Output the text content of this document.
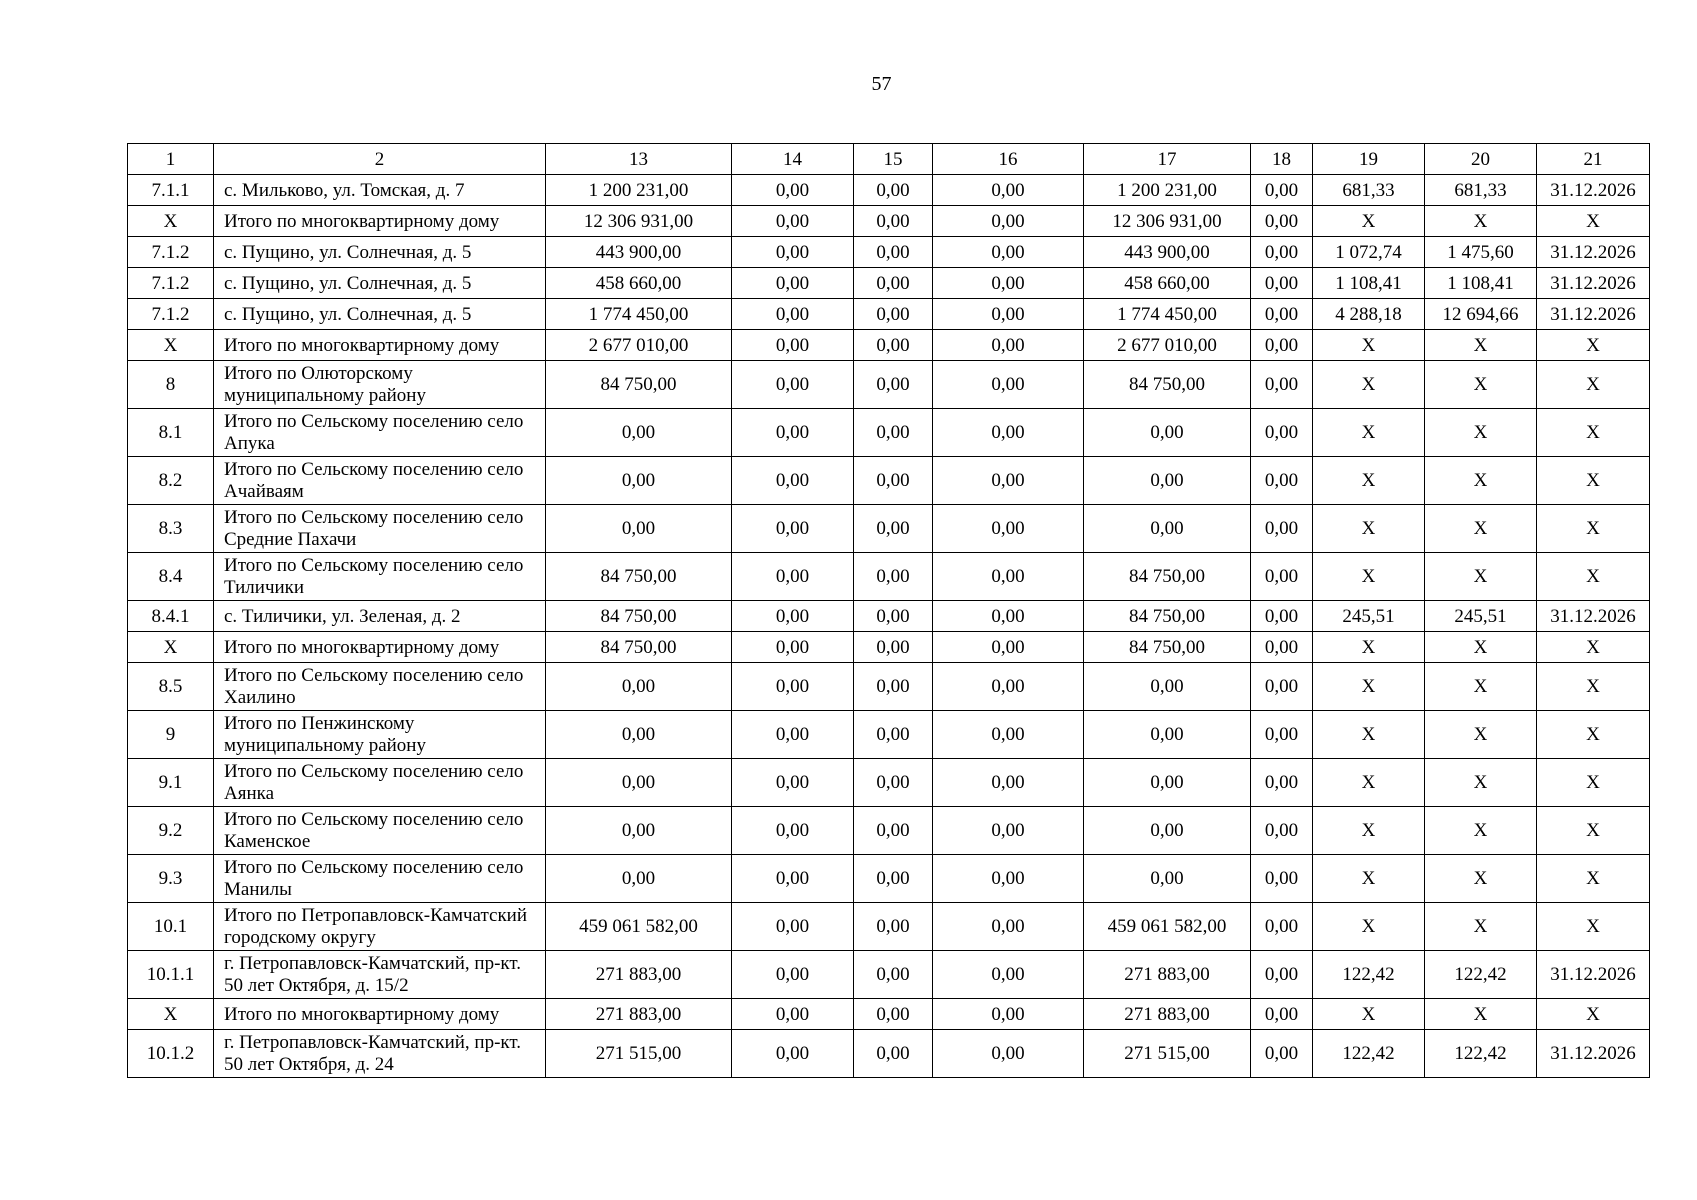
57
1	2	13	14	15	16	17	18	19	20	21
7.1.1	с. Мильково, ул. Томская, д. 7	1 200 231,00	0,00	0,00	0,00	1 200 231,00	0,00	681,33	681,33	31.12.2026
Х	Итого по многоквартирному дому	12 306 931,00	0,00	0,00	0,00	12 306 931,00	0,00	Х	Х	Х
7.1.2	с. Пущино, ул. Солнечная, д. 5	443 900,00	0,00	0,00	0,00	443 900,00	0,00	1 072,74	1 475,60	31.12.2026
7.1.2	с. Пущино, ул. Солнечная, д. 5	458 660,00	0,00	0,00	0,00	458 660,00	0,00	1 108,41	1 108,41	31.12.2026
7.1.2	с. Пущино, ул. Солнечная, д. 5	1 774 450,00	0,00	0,00	0,00	1 774 450,00	0,00	4 288,18	12 694,66	31.12.2026
Х	Итого по многоквартирному дому	2 677 010,00	0,00	0,00	0,00	2 677 010,00	0,00	Х	Х	Х
8	Итого по Олюторскому муниципальному району	84 750,00	0,00	0,00	0,00	84 750,00	0,00	Х	Х	Х
8.1	Итого по Сельскому поселению село Апука	0,00	0,00	0,00	0,00	0,00	0,00	Х	Х	Х
8.2	Итого по Сельскому поселению село Ачайваям	0,00	0,00	0,00	0,00	0,00	0,00	Х	Х	Х
8.3	Итого по Сельскому поселению село Средние Пахачи	0,00	0,00	0,00	0,00	0,00	0,00	Х	Х	Х
8.4	Итого по Сельскому поселению село Тиличики	84 750,00	0,00	0,00	0,00	84 750,00	0,00	Х	Х	Х
8.4.1	с. Тиличики, ул. Зеленая, д. 2	84 750,00	0,00	0,00	0,00	84 750,00	0,00	245,51	245,51	31.12.2026
Х	Итого по многоквартирному дому	84 750,00	0,00	0,00	0,00	84 750,00	0,00	Х	Х	Х
8.5	Итого по Сельскому поселению село Хаилино	0,00	0,00	0,00	0,00	0,00	0,00	Х	Х	Х
9	Итого по Пенжинскому муниципальному району	0,00	0,00	0,00	0,00	0,00	0,00	Х	Х	Х
9.1	Итого по Сельскому поселению село Аянка	0,00	0,00	0,00	0,00	0,00	0,00	Х	Х	Х
9.2	Итого по Сельскому поселению село Каменское	0,00	0,00	0,00	0,00	0,00	0,00	Х	Х	Х
9.3	Итого по Сельскому поселению село Манилы	0,00	0,00	0,00	0,00	0,00	0,00	Х	Х	Х
10.1	Итого по Петропавловск-Камчатский городскому округу	459 061 582,00	0,00	0,00	0,00	459 061 582,00	0,00	Х	Х	Х
10.1.1	г. Петропавловск-Камчатский, пр-кт. 50 лет Октября, д. 15/2	271 883,00	0,00	0,00	0,00	271 883,00	0,00	122,42	122,42	31.12.2026
Х	Итого по многоквартирному дому	271 883,00	0,00	0,00	0,00	271 883,00	0,00	Х	Х	Х
10.1.2	г. Петропавловск-Камчатский, пр-кт. 50 лет Октября, д. 24	271 515,00	0,00	0,00	0,00	271 515,00	0,00	122,42	122,42	31.12.2026
